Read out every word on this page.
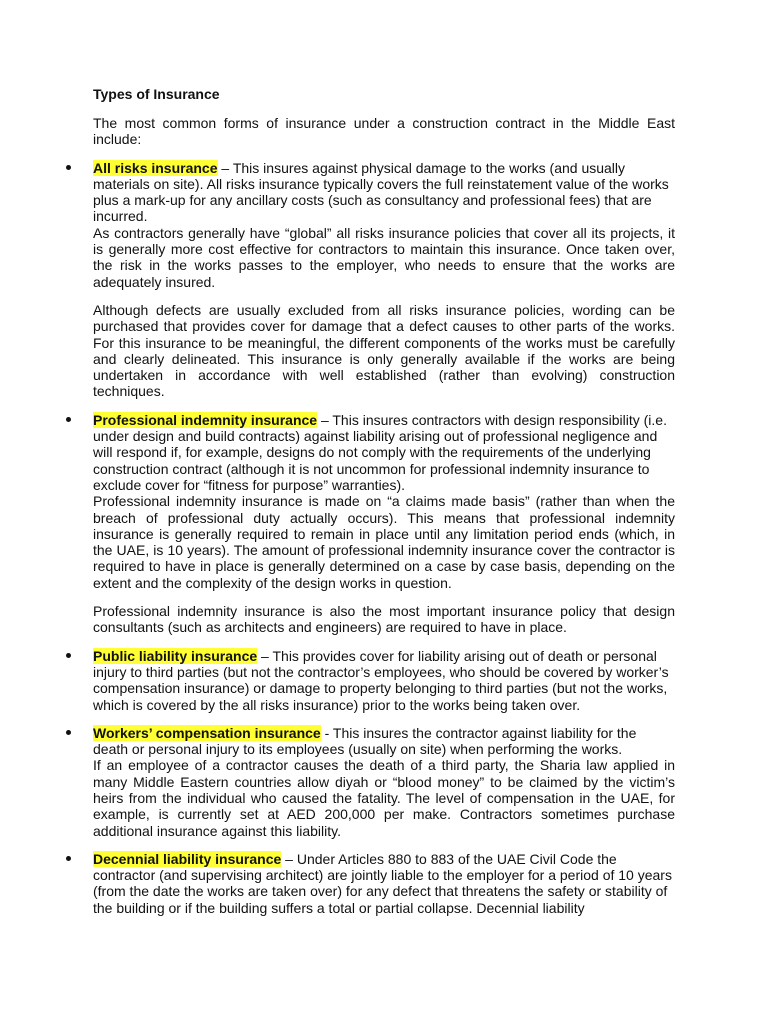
Types of Insurance

The most common forms of insurance under a construction contract in the Middle East include:

All risks insurance – This insures against physical damage to the works (and usually materials on site). All risks insurance typically covers the full reinstatement value of the works plus a mark-up for any ancillary costs (such as consultancy and professional fees) that are incurred.

As contractors generally have “global” all risks insurance policies that cover all its projects, it is generally more cost effective for contractors to maintain this insurance. Once taken over, the risk in the works passes to the employer, who needs to ensure that the works are adequately insured.

Although defects are usually excluded from all risks insurance policies, wording can be purchased that provides cover for damage that a defect causes to other parts of the works. For this insurance to be meaningful, the different components of the works must be carefully and clearly delineated. This insurance is only generally available if the works are being undertaken in accordance with well established (rather than evolving) construction techniques.

Professional indemnity insurance – This insures contractors with design responsibility (i.e. under design and build contracts) against liability arising out of professional negligence and will respond if, for example, designs do not comply with the requirements of the underlying construction contract (although it is not uncommon for professional indemnity insurance to exclude cover for “fitness for purpose” warranties).

Professional indemnity insurance is made on “a claims made basis” (rather than when the breach of professional duty actually occurs). This means that professional indemnity insurance is generally required to remain in place until any limitation period ends (which, in the UAE, is 10 years). The amount of professional indemnity insurance cover the contractor is required to have in place is generally determined on a case by case basis, depending on the extent and the complexity of the design works in question.

Professional indemnity insurance is also the most important insurance policy that design consultants (such as architects and engineers) are required to have in place.

Public liability insurance – This provides cover for liability arising out of death or personal injury to third parties (but not the contractor’s employees, who should be covered by worker’s compensation insurance) or damage to property belonging to third parties (but not the works, which is covered by the all risks insurance) prior to the works being taken over.

Workers’ compensation insurance - This insures the contractor against liability for the death or personal injury to its employees (usually on site) when performing the works.

If an employee of a contractor causes the death of a third party, the Sharia law applied in many Middle Eastern countries allow diyah or “blood money” to be claimed by the victim’s heirs from the individual who caused the fatality. The level of compensation in the UAE, for example, is currently set at AED 200,000 per make. Contractors sometimes purchase additional insurance against this liability.

Decennial liability insurance – Under Articles 880 to 883 of the UAE Civil Code the contractor (and supervising architect) are jointly liable to the employer for a period of 10 years (from the date the works are taken over) for any defect that threatens the safety or stability of the building or if the building suffers a total or partial collapse. Decennial liability
